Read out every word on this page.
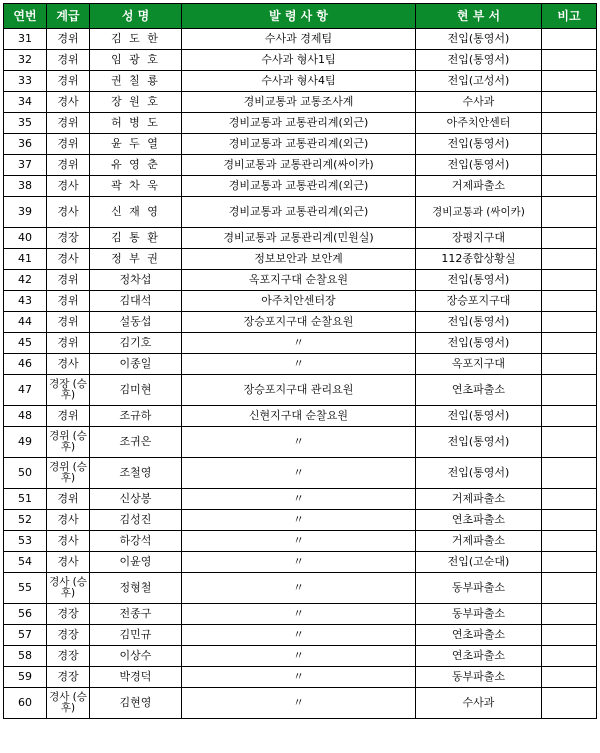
연번	계급	성 명	발 령 사 항	현 부 서	비고
31	경위	김 도 한	수사과 경제팀	전입(통영서)	
32	경위	임 광 호	수사과 형사1팀	전입(통영서)	
33	경위	권 칠 룡	수사과 형사4팀	전입(고성서)	
34	경사	장 원 호	경비교통과 교통조사계	수사과	
35	경위	허 병 도	경비교통과 교통관리계(외근)	아주치안센터	
36	경위	윤 두 열	경비교통과 교통관리계(외근)	전입(통영서)	
37	경위	유 영 춘	경비교통과 교통관리계(싸이카)	전입(통영서)	
38	경사	곽 차 욱	경비교통과 교통관리계(외근)	거제파출소	
39	경사	신 재 영	경비교통과 교통관리계(외근)	경비교통과 (싸이카)	
40	경장	김 통 환	경비교통과 교통관리계(민원실)	장평지구대	
41	경사	정 부 권	정보보안과 보안계	112종합상황실	
42	경위	정차섭	옥포지구대 순찰요원	전입(통영서)	
43	경위	김대석	아주치안센터장	장승포지구대	
44	경위	설동섭	장승포지구대 순찰요원	전입(통영서)	
45	경위	김기호	〃	전입(통영서)	
46	경사	이종일	〃	옥포지구대	
47	경장 (승후)	김미현	장승포지구대 관리요원	연초파출소	
48	경위	조규하	신현지구대 순찰요원	전입(통영서)	
49	경위 (승후)	조귀은	〃	전입(통영서)	
50	경위 (승후)	조철영	〃	전입(통영서)	
51	경위	신상봉	〃	거제파출소	
52	경사	김성진	〃	연초파출소	
53	경사	하강석	〃	거제파출소	
54	경사	이윤영	〃	전입(고순대)	
55	경사 (승후)	정형철	〃	동부파출소	
56	경장	전종구	〃	동부파출소	
57	경장	김민규	〃	연초파출소	
58	경장	이상수	〃	연초파출소	
59	경장	박경덕	〃	동부파출소	
60	경사 (승후)	김현영	〃	수사과	
